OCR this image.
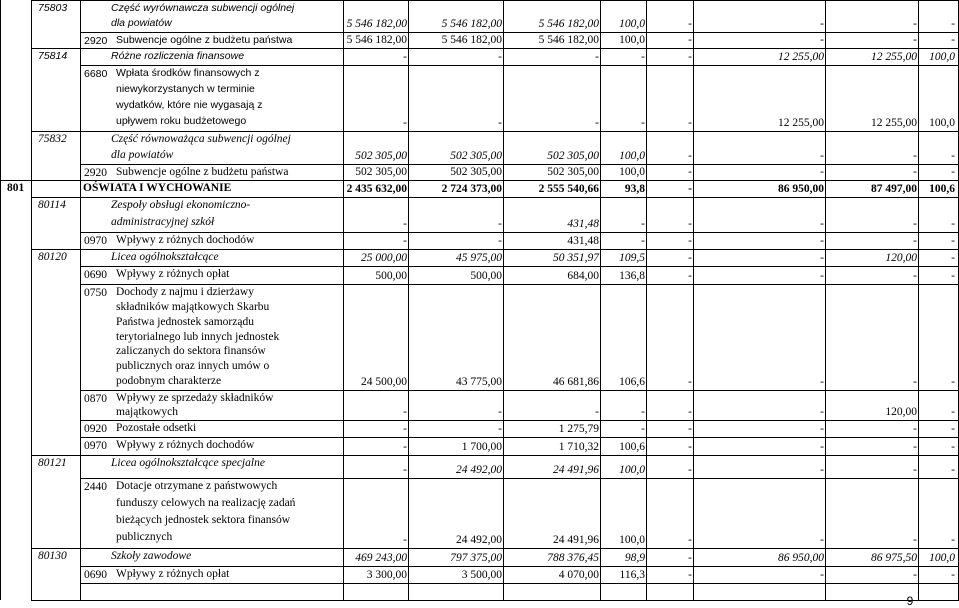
75803	Część wyrównawcza subwencji ogólnej
dla powiatów	5 546 182,00	5 546 182,00	5 546 182,00 100,0	-	-	-	-
2920 Subwencje ogólne z budżetu państwa	5 546 182,00	5 546 182,00	5 546 182,00 100,0	-	-	-	-
75814	Różne rozliczenia finansowe	-	-	-	-	-	12 255,00	12 255,00 100,0
6680 Wpłata środków finansowych z
niewykorzystanych w terminie
wydatków, które nie wygasają z
upływem roku budżetowego	-	-	-	-	-	12 255,00	12 255,00 100,0
75832	Część równoważąca subwencji ogólnej
dla powiatów	502 305,00	502 305,00	502 305,00 100,0	-	-	-	-
2920 Subwencje ogólne z budżetu państwa	502 305,00	502 305,00	502 305,00 100,0	-	-	-	-
801	OŚWIATA I WYCHOWANIE	2 435 632,00	2 724 373,00	2 555 540,66 93,8	-	86 950,00	87 497,00 100,6
80114	Zespoły obsługi ekonomiczno-
administracyjnej szkół	-	-	431,48	-	-	-	-	-
0970 Wpływy z różnych dochodów	-	-	431,48	-	-	-	-	-
80120	Licea ogólnokształcące	25 000,00	45 975,00	50 351,97 109,5	-	-	120,00	-
0690 Wpływy z różnych opłat	500,00	500,00	684,00 136,8	-	-	-	-
0750 Dochody z najmu i dzierżawy
składników majątkowych Skarbu
Państwa jednostek samorządu
terytorialnego lub innych jednostek
zaliczanych do sektora finansów
publicznych oraz innych umów o
podobnym charakterze	24 500,00	43 775,00	46 681,86 106,6	-	-	-	-
0870 Wpływy ze sprzedaży składników
majątkowych	-	-	-	-	-	-	120,00	-
0920 Pozostałe odsetki	-	-	1 275,79	-	-	-	-	-
0970 Wpływy z różnych dochodów	-	1 700,00	1 710,32 100,6	-	-	-	-
80121	Licea ogólnokształcące specjalne
-	24 492,00	24 491,96 100,0	-	-	-	-
2440 Dotacje otrzymane z państwowych
funduszy celowych na realizację zadań
bieżących jednostek sektora finansów
publicznych	-	24 492,00	24 491,96 100,0	-	-	-	-
80130	Szkoły zawodowe	469 243,00	797 375,00	788 376,45 98,9	-	86 950,00	86 975,50 100,0
0690 Wpływy z różnych opłat	3 300,00	3 500,00	4 070,00 116,3	-	-	-	-
9
